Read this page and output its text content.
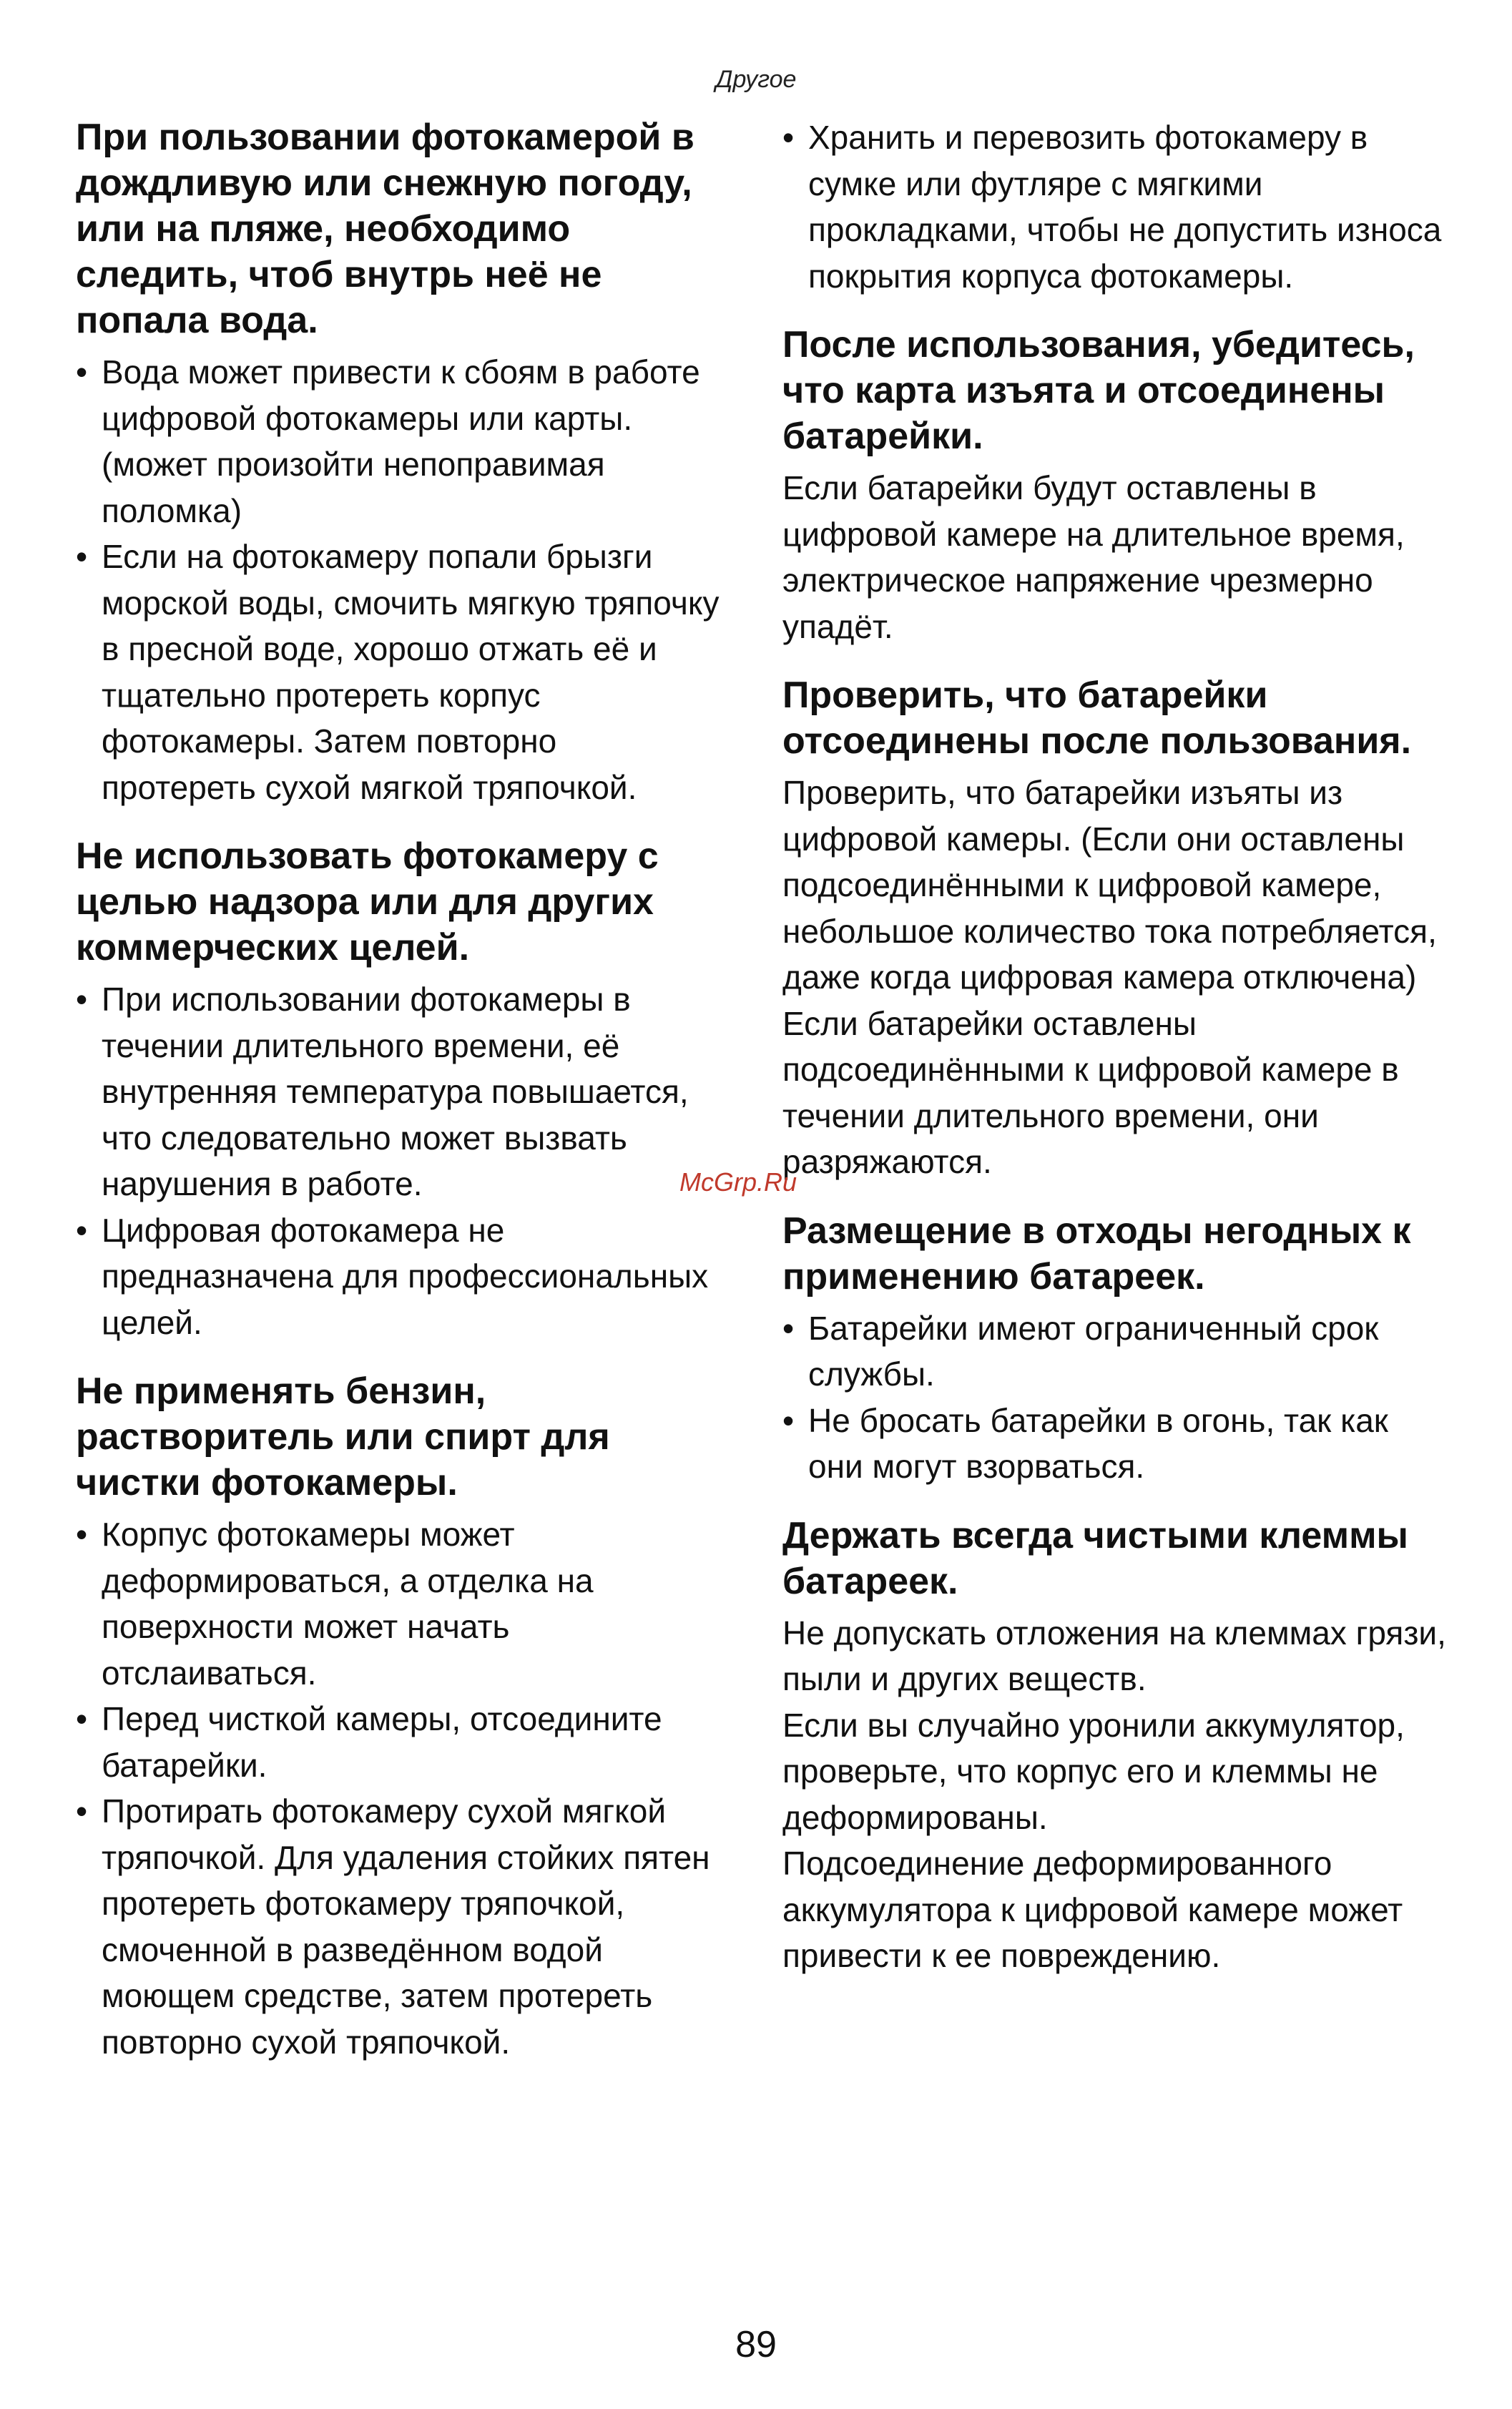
Другое
При пользовании фотокамерой в дождливую или снежную погоду, или на пляже, необходимо следить, чтоб внутрь неё не попала вода.
• Вода может привести к сбоям в работе цифровой фотокамеры или карты. (может произойти непоправимая поломка)
• Если на фотокамеру попали брызги морской воды, смочить мягкую тряпочку в пресной воде, хорошо отжать её и тщательно протереть корпус фотокамеры. Затем повторно протереть сухой мягкой тряпочкой.
Не использовать фотокамеру с целью надзора или для других коммерческих целей.
• При использовании фотокамеры в течении длительного времени, её внутренняя температура повышается, что следовательно может вызвать нарушения в работе.
• Цифровая фотокамера не предназначена для профессиональных целей.
Не применять бензин, растворитель или спирт для чистки фотокамеры.
• Корпус фотокамеры может деформироваться, а отделка на поверхности может начать отслаиваться.
• Перед чисткой камеры, отсоедините батарейки.
• Протирать фотокамеру сухой мягкой тряпочкой. Для удаления стойких пятен протереть фотокамеру тряпочкой, смоченной в разведённом водой моющем средстве, затем протереть повторно сухой тряпочкой.
• Хранить и перевозить фотокамеру в сумке или футляре с мягкими прокладками, чтобы не допустить износа покрытия корпуса фотокамеры.
После использования, убедитесь, что карта изъята и отсоединены батарейки.

Если батарейки будут оставлены в цифровой камере на длительное время, электрическое напряжение чрезмерно упадёт.

Проверить, что батарейки отсоединены после пользования.

Проверить, что батарейки изъяты из цифровой камеры. (Если они оставлены подсоединёнными к цифровой камере, небольшое количество тока потребляется, даже когда цифровая камера отключена)

Если батарейки оставлены подсоединёнными к цифровой камере в течении длительного времени, они разряжаются.

Размещение в отходы негодных к применению батареек.
• Батарейки имеют ограниченный срок службы.
• Не бросать батарейки в огонь, так как они могут взорваться.
Держать всегда чистыми клеммы батареек.

Не допускать отложения на клеммах грязи, пыли и других веществ.

Если вы случайно уронили аккумулятор, проверьте, что корпус его и клеммы не деформированы.

Подсоединение деформированного аккумулятора к цифровой камере может привести к ее повреждению.

McGrp.Ru
89
